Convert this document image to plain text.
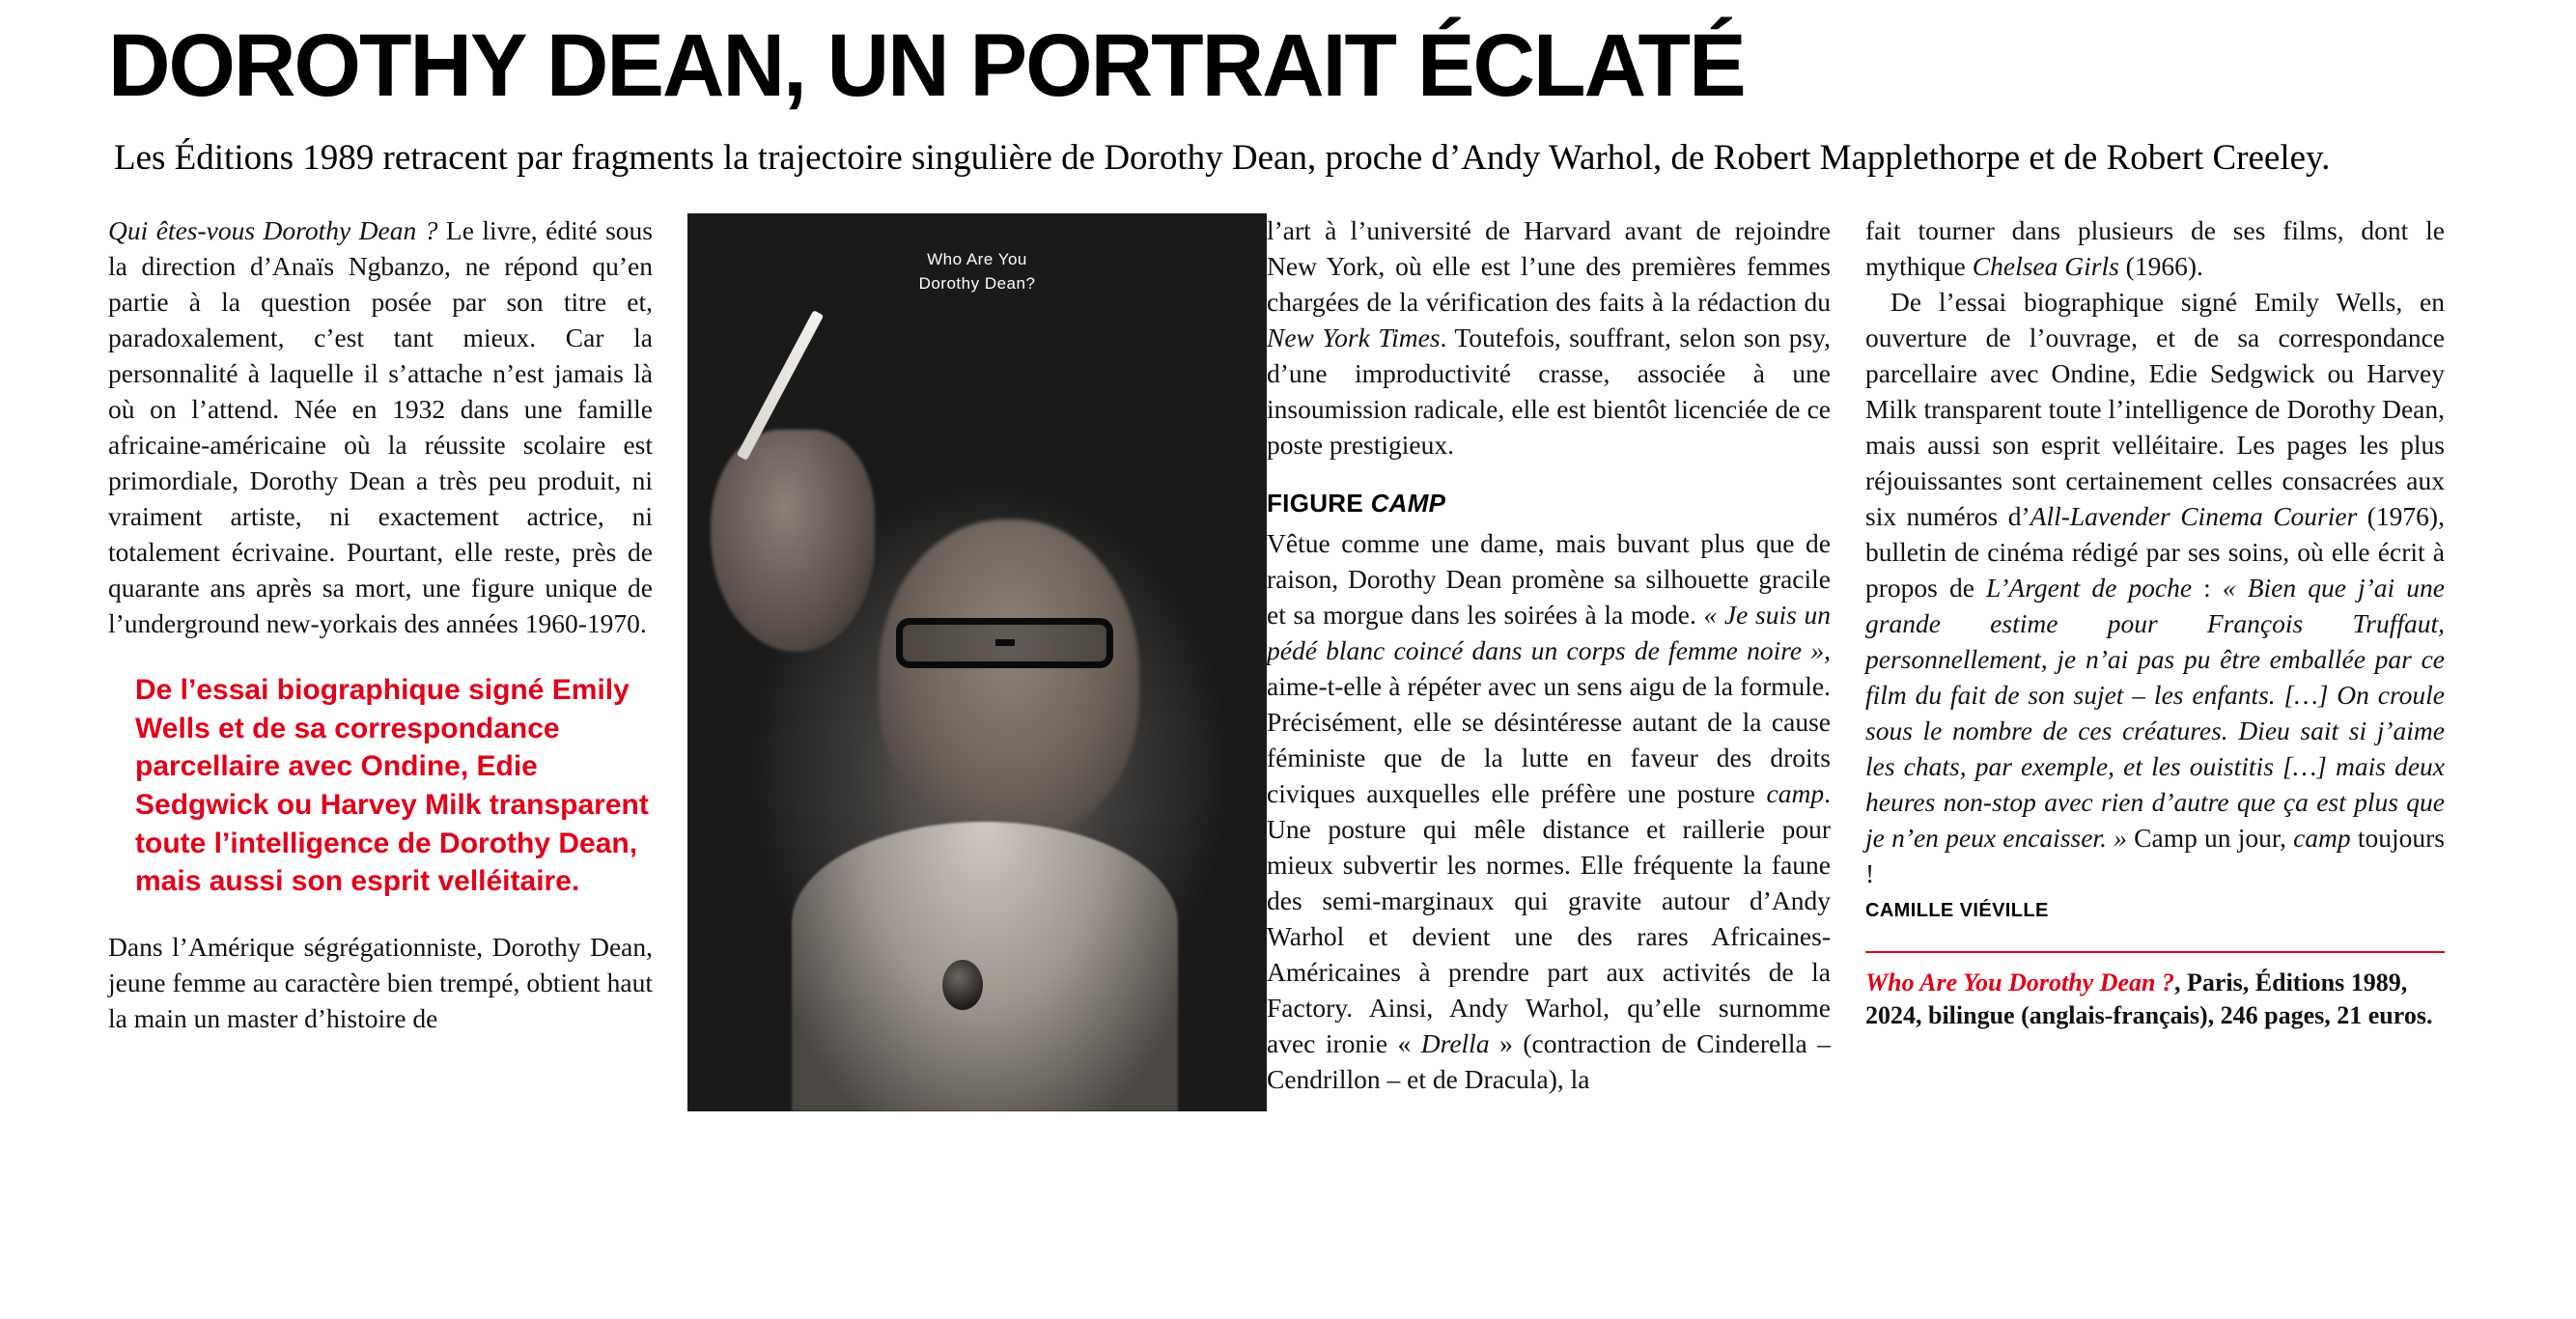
DOROTHY DEAN, UN PORTRAIT ÉCLATÉ
Les Éditions 1989 retracent par fragments la trajectoire singulière de Dorothy Dean, proche d’Andy Warhol, de Robert Mapplethorpe et de Robert Creeley.

Qui êtes-vous Dorothy Dean ? Le livre, édité sous la direction d’Anaïs Ngbanzo, ne répond qu’en partie à la question posée par son titre et, paradoxalement, c’est tant mieux. Car la personnalité à laquelle il s’attache n’est jamais là où on l’attend. Née en 1932 dans une famille africaine-américaine où la réussite scolaire est primordiale, Dorothy Dean a très peu produit, ni vraiment artiste, ni exactement actrice, ni totalement écrivaine. Pourtant, elle reste, près de quarante ans après sa mort, une figure unique de l’underground new-yorkais des années 1960-1970.

De l’essai biographique signé Emily Wells et de sa correspondance parcellaire avec Ondine, Edie Sedgwick ou Harvey Milk transparent toute l’intelligence de Dorothy Dean, mais aussi son esprit velléitaire.

Dans l’Amérique ségrégationniste, Dorothy Dean, jeune femme au caractère bien trempé, obtient haut la main un master d’histoire de

Who Are You
Dorothy Dean?

l’art à l’université de Harvard avant de rejoindre New York, où elle est l’une des premières femmes chargées de la vérification des faits à la rédaction du New York Times. Toutefois, souffrant, selon son psy, d’une improductivité crasse, associée à une insoumission radicale, elle est bientôt licenciée de ce poste prestigieux.

FIGURE CAMP

Vêtue comme une dame, mais buvant plus que de raison, Dorothy Dean promène sa silhouette gracile et sa morgue dans les soirées à la mode. « Je suis un pédé blanc coincé dans un corps de femme noire », aime-t-elle à répéter avec un sens aigu de la formule. Précisément, elle se désintéresse autant de la cause féministe que de la lutte en faveur des droits civiques auxquelles elle préfère une posture camp. Une posture qui mêle distance et raillerie pour mieux subvertir les normes. Elle fréquente la faune des semi-marginaux qui gravite autour d’Andy Warhol et devient une des rares Africaines-Américaines à prendre part aux activités de la Factory. Ainsi, Andy Warhol, qu’elle surnomme avec ironie « Drella » (contraction de Cinderella – Cendrillon – et de Dracula), la

fait tourner dans plusieurs de ses films, dont le mythique Chelsea Girls (1966).

De l’essai biographique signé Emily Wells, en ouverture de l’ouvrage, et de sa correspondance parcellaire avec Ondine, Edie Sedgwick ou Harvey Milk transparent toute l’intelligence de Dorothy Dean, mais aussi son esprit velléitaire. Les pages les plus réjouissantes sont certainement celles consacrées aux six numéros d’All-Lavender Cinema Courier (1976), bulletin de cinéma rédigé par ses soins, où elle écrit à propos de L’Argent de poche : « Bien que j’ai une grande estime pour François Truffaut, personnellement, je n’ai pas pu être emballée par ce film du fait de son sujet – les enfants. […] On croule sous le nombre de ces créatures. Dieu sait si j’aime les chats, par exemple, et les ouistitis […] mais deux heures non-stop avec rien d’autre que ça est plus que je n’en peux encaisser. » Camp un jour, camp toujours !

CAMILLE VIÉVILLE
Who Are You Dorothy Dean ?, Paris, Éditions 1989, 2024, bilingue (anglais-français), 246 pages, 21 euros.
